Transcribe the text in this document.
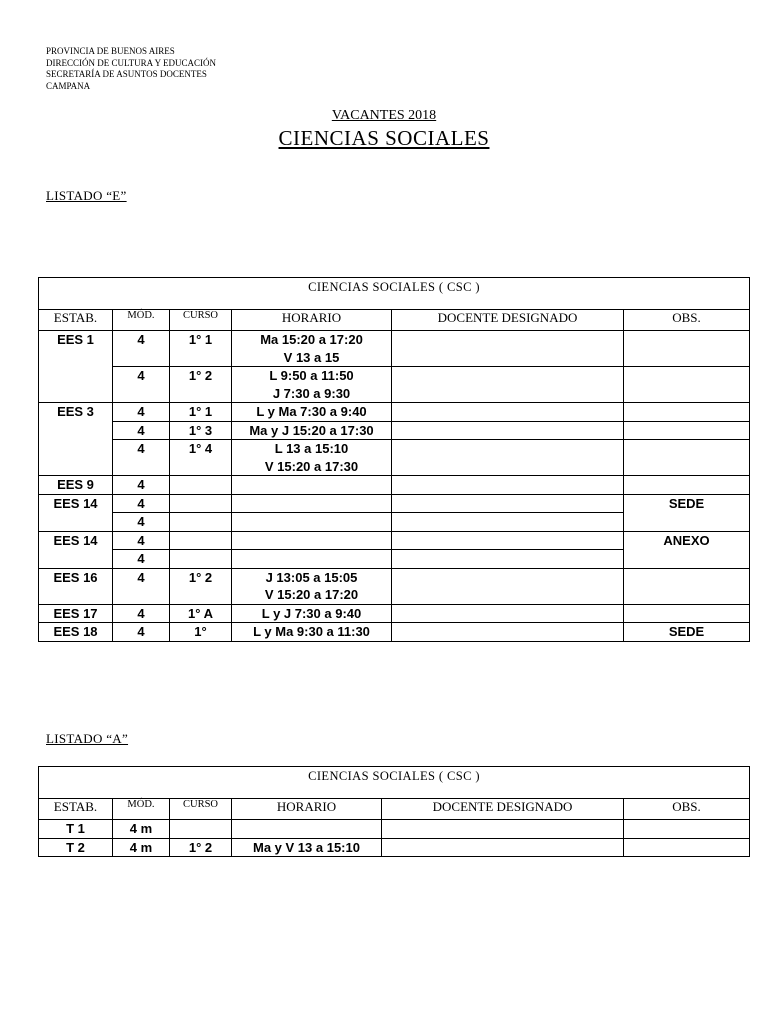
PROVINCIA DE BUENOS AIRES
DIRECCIÓN DE CULTURA Y EDUCACIÓN
SECRETARÍA DE ASUNTOS DOCENTES
CAMPANA
VACANTES 2018
CIENCIAS SOCIALES
LISTADO “E”
CIENCIAS SOCIALES ( CSC )					
ESTAB.	MÓD.	CURSO	HORARIO	DOCENTE DESIGNADO	OBS.
EES 1	4	1° 1	Ma 15:20 a 17:20
V 13 a 15		
	4	1° 2	L 9:50 a 11:50
J 7:30 a 9:30		
EES 3	4	1° 1	L y Ma 7:30 a 9:40		
	4	1° 3	Ma y J 15:20 a 17:30		
	4	1° 4	L 13 a 15:10
V 15:20 a 17:30		
EES 9	4				
EES 14	4				SEDE
	4				
EES 14	4				ANEXO
	4				
EES 16	4	1° 2	J 13:05 a 15:05
V 15:20 a 17:20		
EES 17	4	1° A	L y J 7:30 a 9:40		
EES 18	4	1°	L y Ma 9:30 a 11:30		SEDE
LISTADO “A”
CIENCIAS SOCIALES ( CSC )					
ESTAB.	MÓD.	CURSO	HORARIO	DOCENTE DESIGNADO	OBS.
T 1	4 m				
T 2	4 m	1° 2	Ma y V 13 a 15:10		
